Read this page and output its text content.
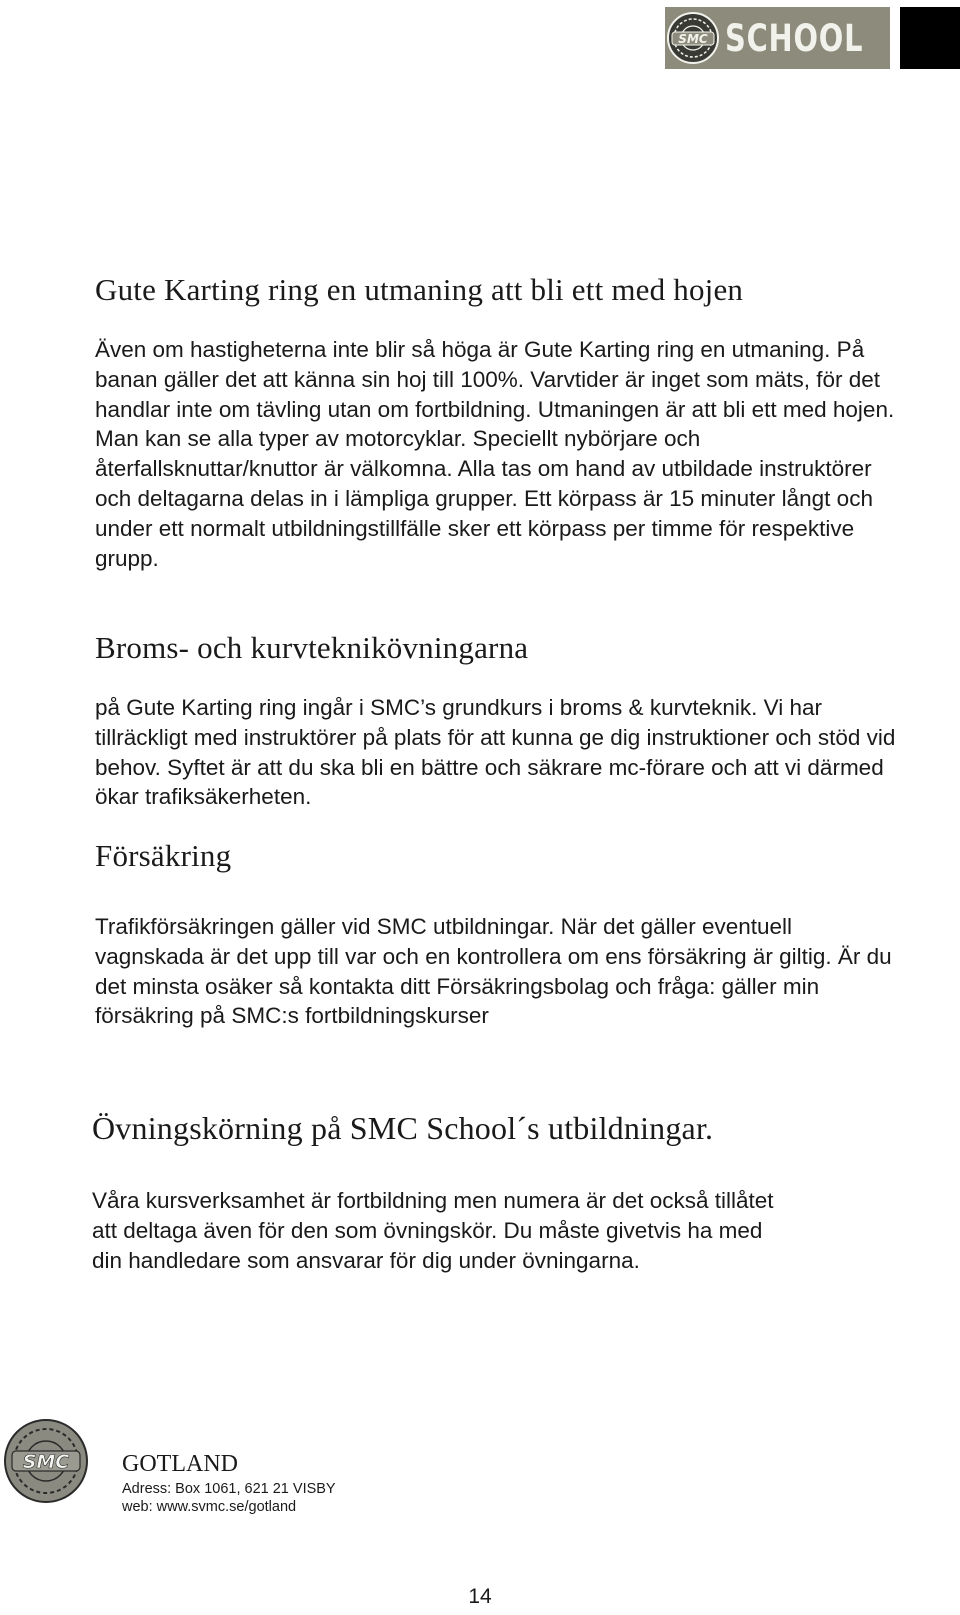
SMC SCHOOL
Gute Karting ring en utmaning att bli ett med hojen

Även om hastigheterna inte blir så höga är Gute Karting ring en utmaning. På banan gäller det att känna sin hoj till 100%. Varvtider är inget som mäts, för det handlar inte om tävling utan om fortbildning. Utmaningen är att bli ett med hojen. Man kan se alla typer av motorcyklar. Speciellt nybörjare och återfallsknuttar/knuttor är välkomna. Alla tas om hand av utbildade instruktörer och deltagarna delas in i lämpliga grupper. Ett körpass är 15 minuter långt och under ett normalt utbildningstillfälle sker ett körpass per timme för respektive grupp.

Broms- och kurvteknikövningarna

på Gute Karting ring ingår i SMC’s grundkurs i broms & kurvteknik. Vi har tillräckligt med instruktörer på plats för att kunna ge dig instruktioner och stöd vid behov. Syftet är att du ska bli en bättre och säkrare mc-förare och att vi därmed ökar trafiksäkerheten.

Försäkring

Trafikförsäkringen gäller vid SMC utbildningar. När det gäller eventuell vagnskada är det upp till var och en kontrollera om ens försäkring är giltig. Är du det minsta osäker så kontakta ditt Försäkringsbolag och fråga: gäller min försäkring på SMC:s fortbildningskurser

Övningskörning på SMC School´s utbildningar.

Våra kursverksamhet är fortbildning men numera är det också tillåtet att deltaga även för den som övningskör. Du måste givetvis ha med din handledare som ansvarar för dig under övningarna.

SMC GOTLAND
Adress: Box 1061, 621 21 VISBY
web: www.svmc.se/gotland
14
